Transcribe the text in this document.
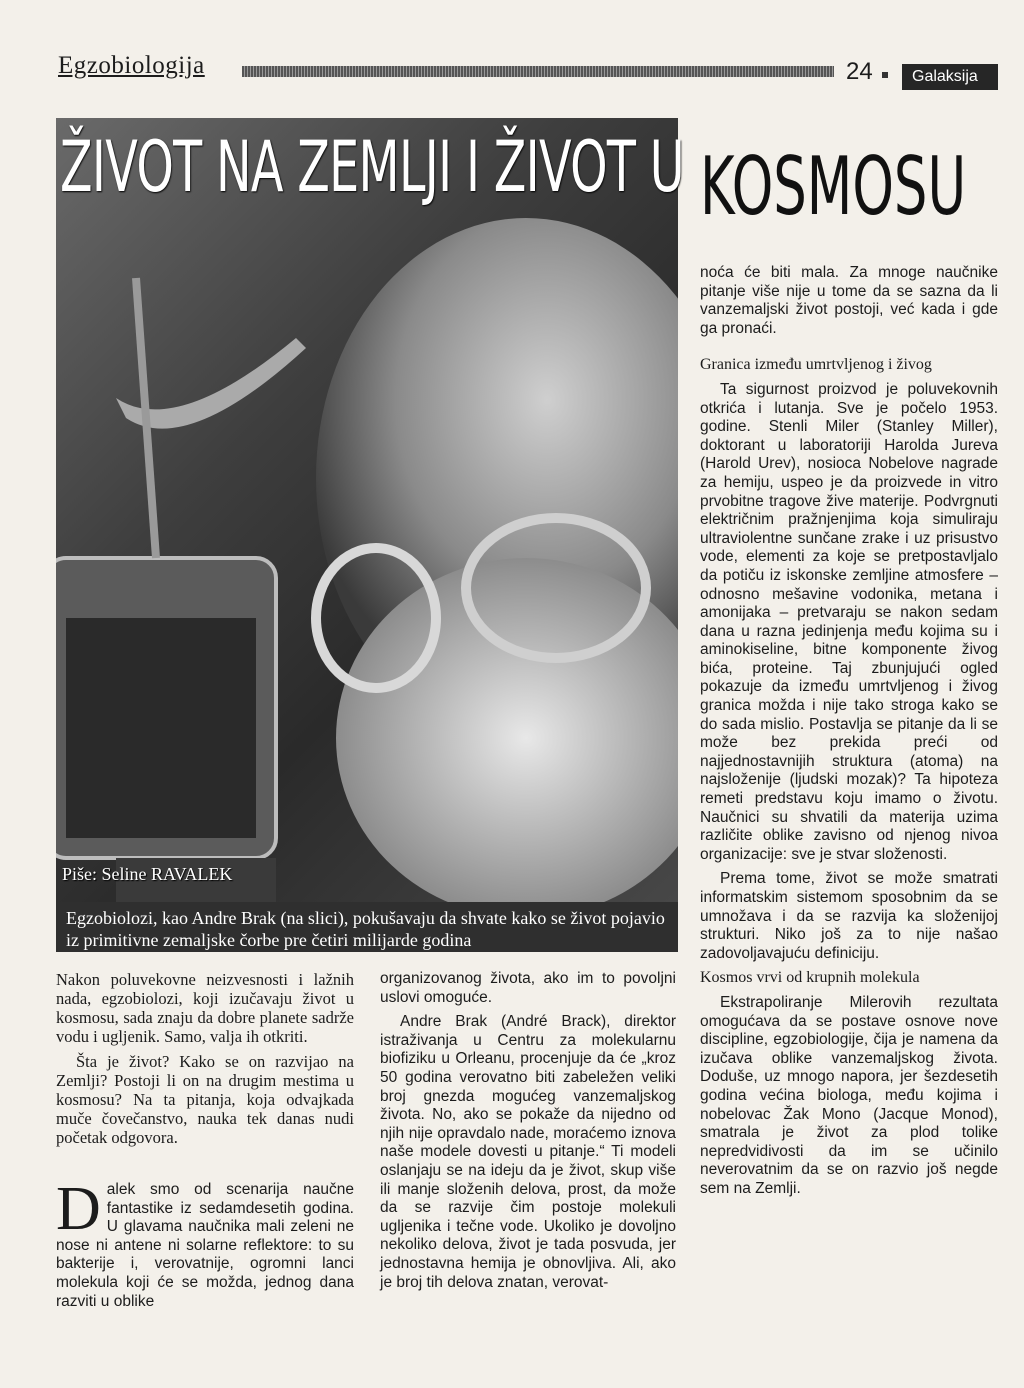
Egzobiologija	24	Galaksija
ŽIVOT NA ZEMLJI I ŽIVOT U KOSMOSU
Piše: Seline RAVALEK
Egzobiolozi, kao Andre Brak (na slici), pokušavaju da shvate kako se život pojavio iz primitivne zemaljske čorbe pre četiri milijarde godina

Nakon poluvekovne neizvesnosti i lažnih nada, egzobiolozi, koji izučavaju život u kosmosu, sada znaju da dobre planete sadrže vodu i ugljenik. Samo, valja ih otkriti.

Šta je život? Kako se on razvijao na Zemlji? Postoji li on na drugim mestima u kosmosu? Na ta pitanja, koja odvajkada muče čovečanstvo, nauka tek danas nudi početak odgovora.

Dalek smo od scenarija naučne fantastike iz sedamdesetih godina. U glavama naučnika mali zeleni ne nose ni antene ni solarne reflektore: to su bakterije i, verovatnije, ogromni lanci molekula koji će se možda, jednog dana razviti u oblike

organizovanog života, ako im to povoljni uslovi omoguće.

Andre Brak (André Brack), direktor istraživanja u Centru za molekularnu biofiziku u Orleanu, procenjuje da će „kroz 50 godina verovatno biti zabeležen veliki broj gnezda mogućeg vanzemaljskog života. No, ako se pokaže da nijedno od njih nije opravdalo nade, moraćemo iznova naše modele dovesti u pitanje.“ Ti modeli oslanjaju se na ideju da je život, skup više ili manje složenih delova, prost, da može da se razvije čim postoje molekuli ugljenika i tečne vode. Ukoliko je dovoljno nekoliko delova, život je tada posvuda, jer jednostavna hemija je obnovljiva. Ali, ako je broj tih delova znatan, verovat-

noća će biti mala. Za mnoge naučnike pitanje više nije u tome da se sazna da li vanzemaljski život postoji, već kada i gde ga pronaći.

Granica između umrtvljenog i živog

Ta sigurnost proizvod je poluvekovnih otkrića i lutanja. Sve je počelo 1953. godine. Stenli Miler (Stanley Miller), doktorant u laboratoriji Harolda Jureva (Harold Urev), nosioca Nobelove nagrade za hemiju, uspeo je da proizvede in vitro prvobitne tragove žive materije. Podvrgnuti električnim pražnjenjima koja simuliraju ultraviolentne sunčane zrake i uz prisustvo vode, elementi za koje se pretpostavljalo da potiču iz iskonske zemljine atmosfere – odnosno mešavine vodonika, metana i amonijaka – pretvaraju se nakon sedam dana u razna jedinjenja među kojima su i aminokiseline, bitne komponente živog bića, proteine. Taj zbunjujući ogled pokazuje da između umrtvljenog i živog granica možda i nije tako stroga kako se do sada mislio. Postavlja se pitanje da li se može bez prekida preći od najjednostavnijih struktura (atoma) na najsloženije (ljudski mozak)? Ta hipoteza remeti predstavu koju imamo o životu. Naučnici su shvatili da materija uzima različite oblike zavisno od njenog nivoa organizacije: sve je stvar složenosti.

Prema tome, život se može smatrati informatskim sistemom sposobnim da se umnožava i da se razvija ka složenijoj strukturi. Niko još za to nije našao zadovoljavajuću definiciju.

Kosmos vrvi od krupnih molekula

Ekstrapoliranje Milerovih rezultata omogućava da se postave osnove nove discipline, egzobiologije, čija je namena da izučava oblike vanzemaljskog života. Doduše, uz mnogo napora, jer šezdesetih godina većina biologa, među kojima i nobelovac Žak Mono (Jacque Monod), smatrala je život za plod tolike nepredvidivosti da im se učinilo neverovatnim da se on razvio još negde sem na Zemlji.
